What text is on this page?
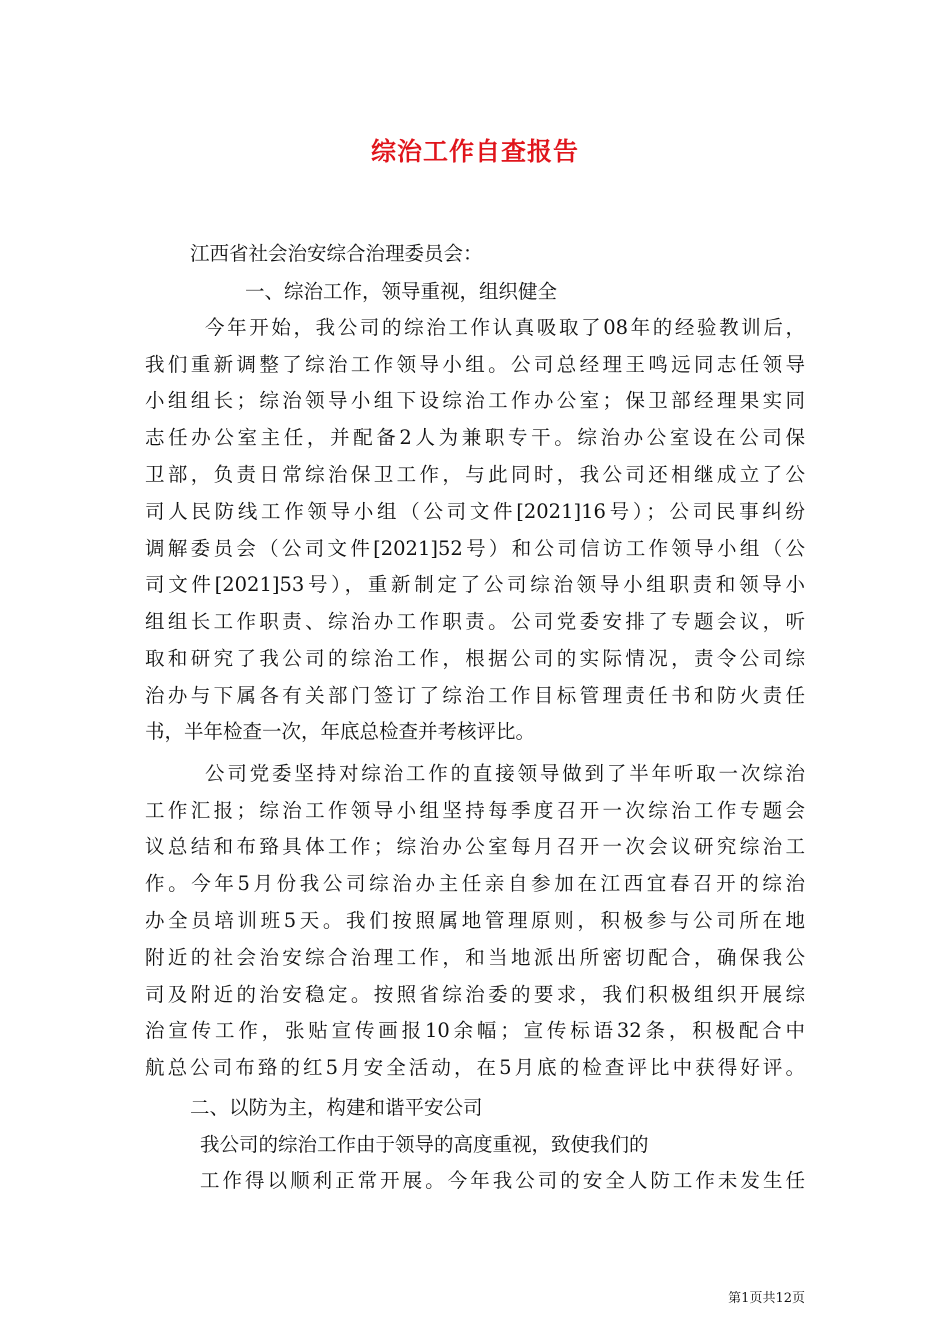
综治工作自查报告
江西省社会治安综合治理委员会：
一、综治工作，领导重视，组织健全
今年开始，我公司的综治工作认真吸取了08年的经验教训后，
我们重新调整了综治工作领导小组。公司总经理王鸣远同志任领导
小组组长；综治领导小组下设综治工作办公室；保卫部经理果实同
志任办公室主任，并配备2人为兼职专干。综治办公室设在公司保
卫部，负责日常综治保卫工作，与此同时，我公司还相继成立了公
司人民防线工作领导小组（公司文件[2021]16号）；公司民事纠纷
调解委员会（公司文件[2021]52号）和公司信访工作领导小组（公
司文件[2021]53号），重新制定了公司综治领导小组职责和领导小
组组长工作职责、综治办工作职责。公司党委安排了专题会议，听
取和研究了我公司的综治工作，根据公司的实际情况，责令公司综
治办与下属各有关部门签订了综治工作目标管理责任书和防火责任
书，半年检查一次，年底总检查并考核评比。
公司党委坚持对综治工作的直接领导做到了半年听取一次综治
工作汇报；综治工作领导小组坚持每季度召开一次综治工作专题会
议总结和布臵具体工作；综治办公室每月召开一次会议研究综治工
作。今年5月份我公司综治办主任亲自参加在江西宜春召开的综治
办全员培训班5天。我们按照属地管理原则，积极参与公司所在地
附近的社会治安综合治理工作，和当地派出所密切配合，确保我公
司及附近的治安稳定。按照省综治委的要求，我们积极组织开展综
治宣传工作，张贴宣传画报10余幅；宣传标语32条，积极配合中
航总公司布臵的红5月安全活动，在5月底的检查评比中获得好评。
二、以防为主，构建和谐平安公司
我公司的综治工作由于领导的高度重视，致使我们的
工作得以顺利正常开展。今年我公司的安全人防工作未发生任
第1页共12页
